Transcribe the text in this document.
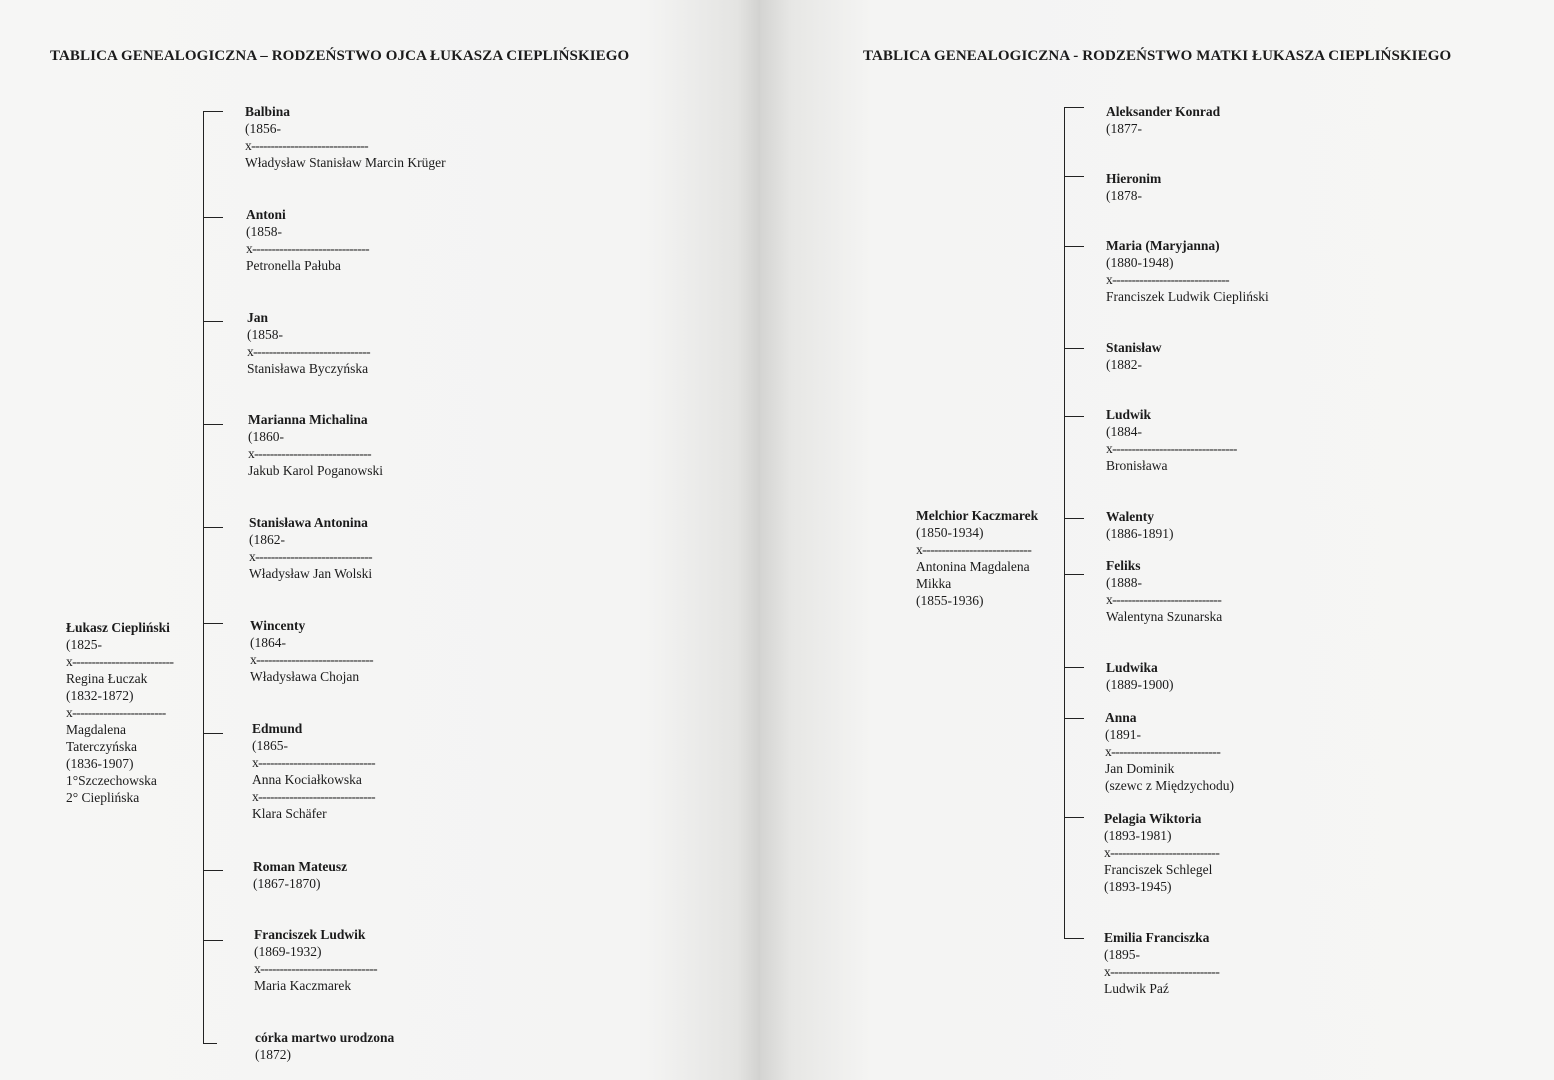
TABLICA GENEALOGICZNA – RODZEŃSTWO OJCA ŁUKASZA CIEPLIŃSKIEGO
Łukasz Ciepliński
(1825-
x--------------------------
Regina Łuczak
(1832-1872)
x------------------------
Magdalena
Taterczyńska
(1836-1907)
1°Szczechowska
2° Cieplińska
Balbina
(1856-
x------------------------------
Władysław Stanisław Marcin Krüger
Antoni
(1858-
x------------------------------
Petronella Pałuba
Jan
(1858-
x------------------------------
Stanisława Byczyńska
Marianna Michalina
(1860-
x------------------------------
Jakub Karol Poganowski
Stanisława Antonina
(1862-
x------------------------------
Władysław Jan Wolski
Wincenty
(1864-
x------------------------------
Władysława Chojan
Edmund
(1865-
x------------------------------
Anna Kociałkowska
x------------------------------
Klara Schäfer
Roman Mateusz
(1867-1870)
Franciszek Ludwik
(1869-1932)
x------------------------------
Maria Kaczmarek
córka martwo urodzona
(1872)
TABLICA GENEALOGICZNA - RODZEŃSTWO MATKI ŁUKASZA CIEPLIŃSKIEGO
Melchior Kaczmarek
(1850-1934)
x----------------------------
Antonina Magdalena
Mikka
(1855-1936)
Aleksander Konrad
(1877-
Hieronim
(1878-
Maria (Maryjanna)
(1880-1948)
x------------------------------
Franciszek Ludwik Ciepliński
Stanisław
(1882-
Ludwik
(1884-
x--------------------------------
Bronisława
Walenty
(1886-1891)
Feliks
(1888-
x----------------------------
Walentyna Szunarska
Ludwika
(1889-1900)
Anna
(1891-
x----------------------------
Jan Dominik
(szewc z Międzychodu)
Pelagia Wiktoria
(1893-1981)
x----------------------------
Franciszek Schlegel
(1893-1945)
Emilia Franciszka
(1895-
x----------------------------
Ludwik Paź
